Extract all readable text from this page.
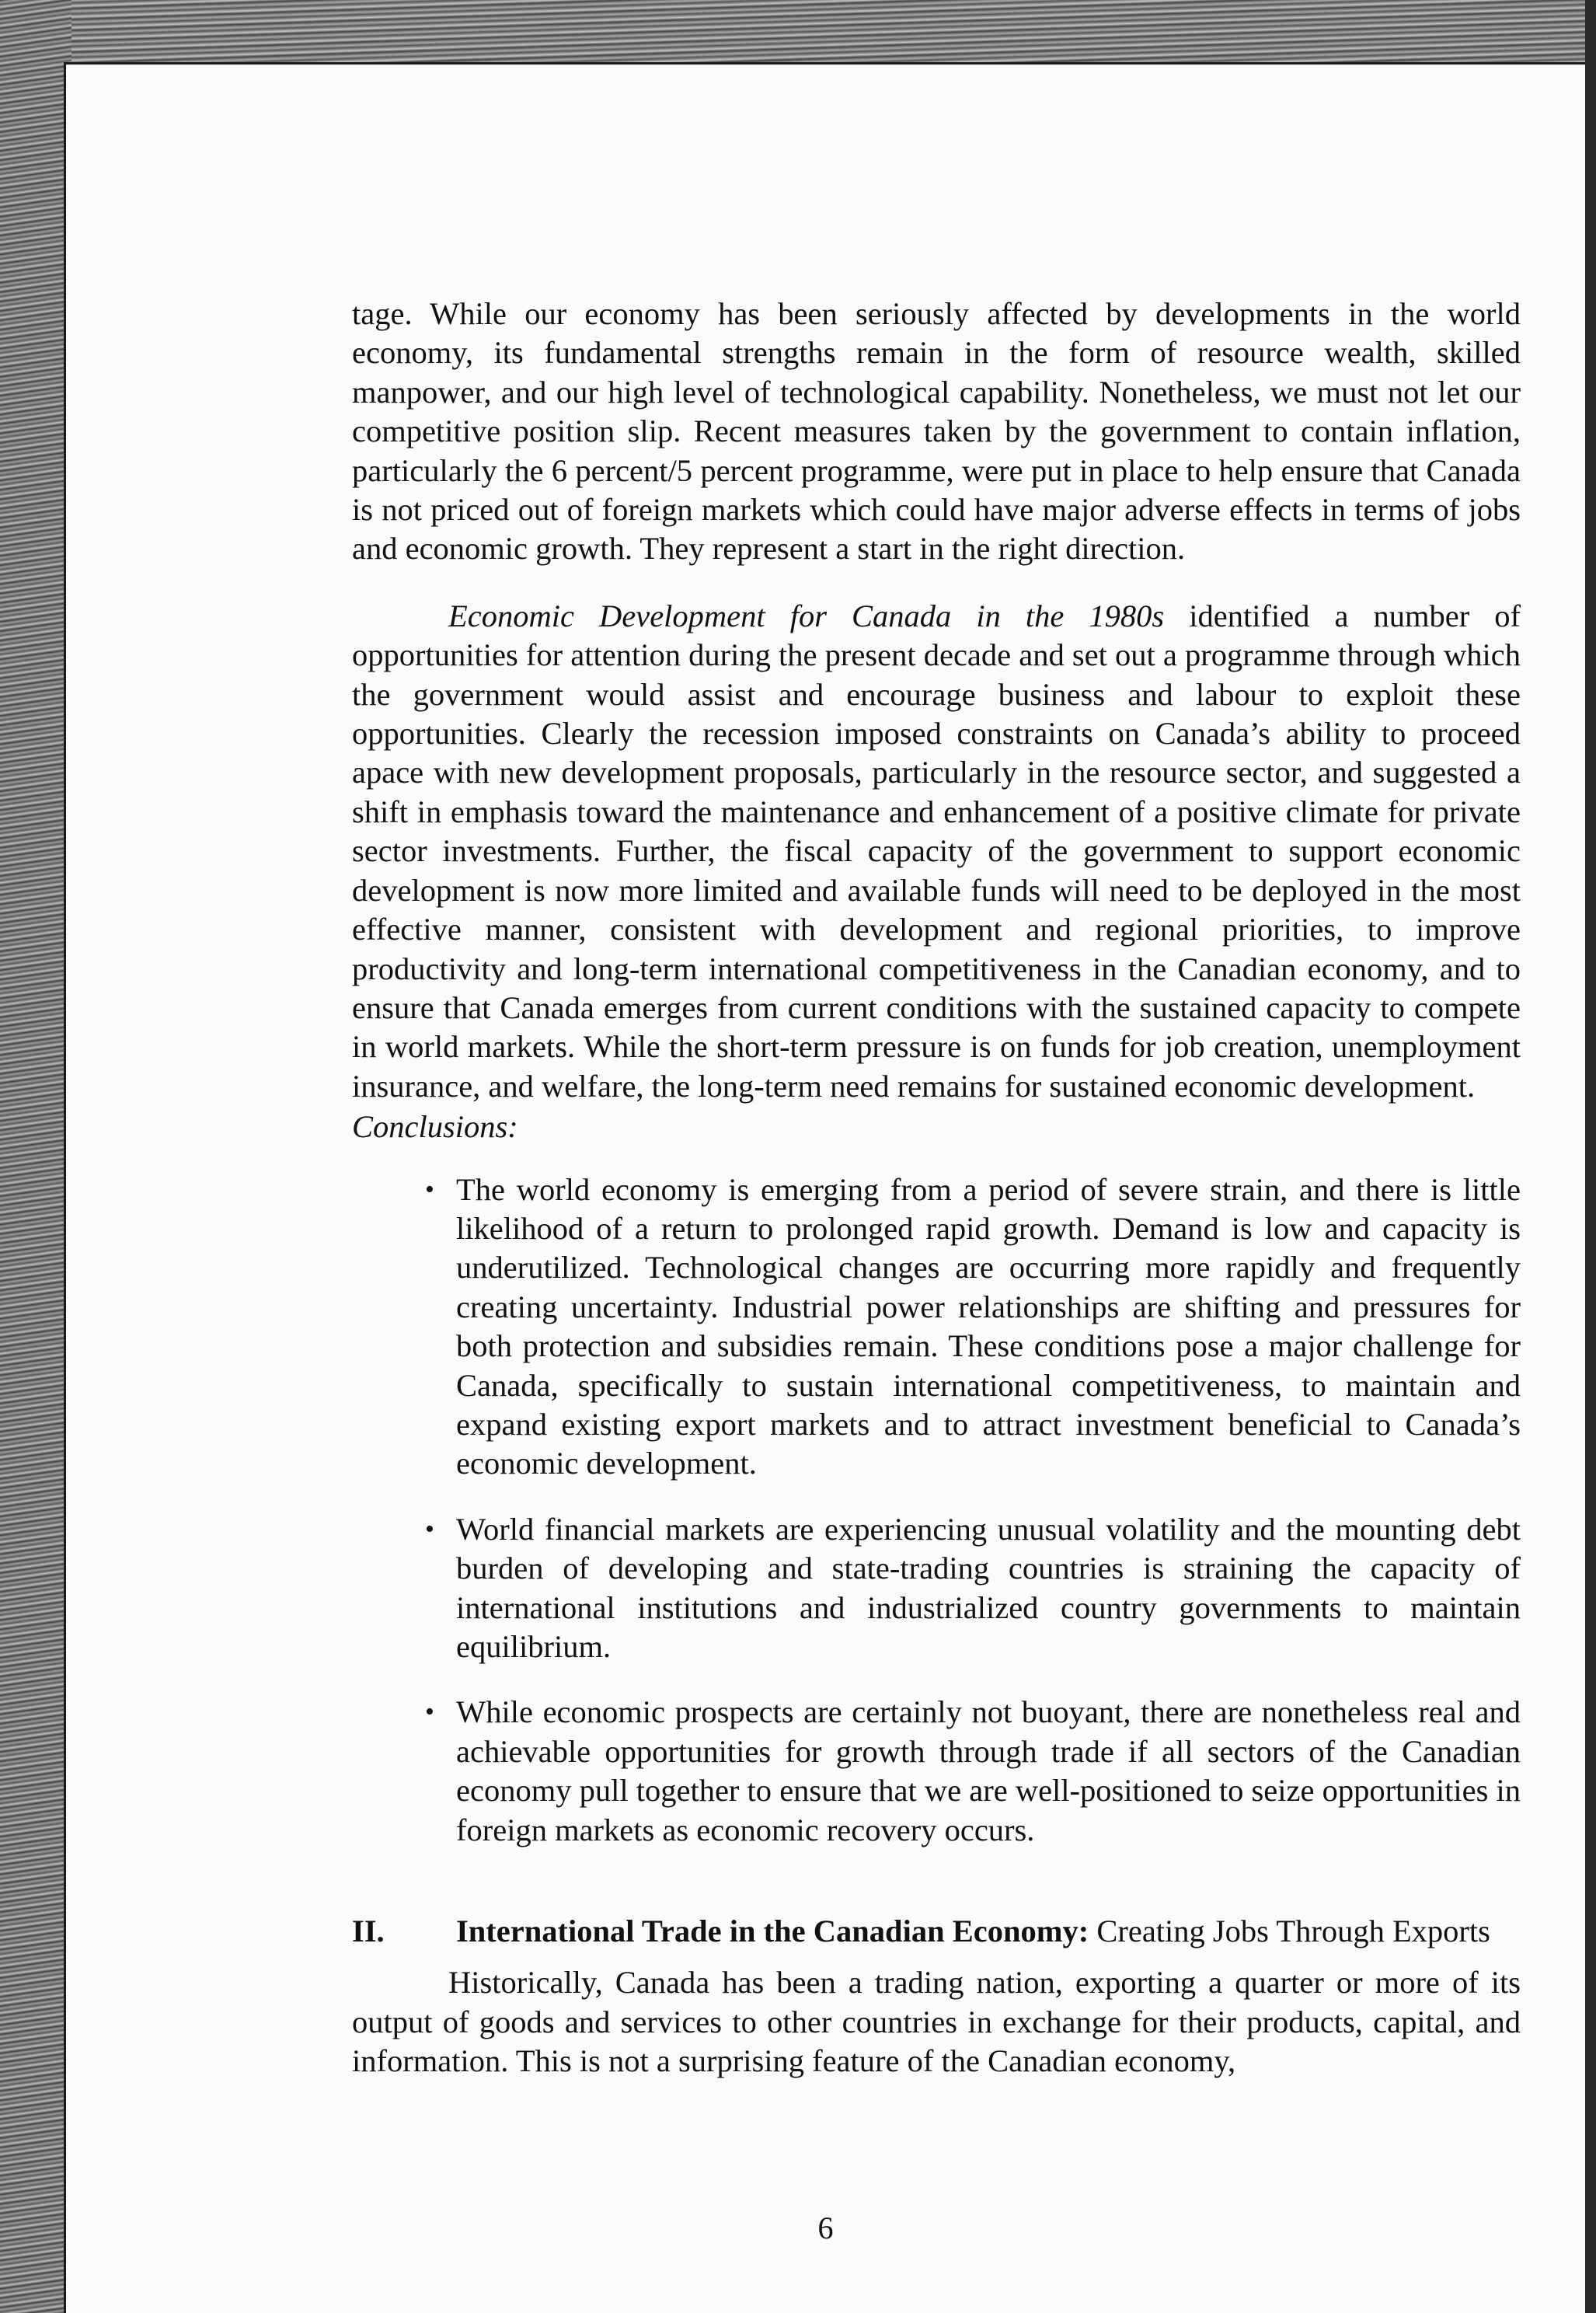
tage. While our economy has been seriously affected by developments in the world economy, its fundamental strengths remain in the form of resource wealth, skilled manpower, and our high level of technological capability. Nonetheless, we must not let our competitive position slip. Recent measures taken by the government to contain inflation, particularly the 6 percent/5 percent programme, were put in place to help ensure that Canada is not priced out of foreign markets which could have major adverse effects in terms of jobs and economic growth. They represent a start in the right direction.

Economic Development for Canada in the 1980s identified a number of opportunities for attention during the present decade and set out a programme through which the government would assist and encourage business and labour to exploit these opportunities. Clearly the recession imposed constraints on Canada’s ability to proceed apace with new development proposals, particularly in the resource sector, and suggested a shift in emphasis toward the maintenance and enhancement of a positive climate for private sector investments. Further, the fiscal capacity of the government to support economic development is now more limited and available funds will need to be deployed in the most effective manner, consistent with development and regional priorities, to improve productivity and long-term international competitiveness in the Canadian economy, and to ensure that Canada emerges from current conditions with the sustained capacity to compete in world markets. While the short-term pressure is on funds for job creation, unemployment insurance, and welfare, the long-term need remains for sustained economic development.

Conclusions:

• The world economy is emerging from a period of severe strain, and there is little likelihood of a return to prolonged rapid growth. Demand is low and capacity is underutilized. Technological changes are occurring more rapidly and frequently creating uncertainty. Industrial power relationships are shifting and pressures for both protection and subsidies remain. These conditions pose a major challenge for Canada, specifically to sustain international competitiveness, to maintain and expand existing export markets and to attract investment beneficial to Canada’s economic development.
• World financial markets are experiencing unusual volatility and the mounting debt burden of developing and state-trading countries is straining the capacity of international institutions and industrialized country governments to maintain equilibrium.
• While economic prospects are certainly not buoyant, there are nonetheless real and achievable opportunities for growth through trade if all sectors of the Canadian economy pull together to ensure that we are well-positioned to seize opportunities in foreign markets as economic recovery occurs.
II. International Trade in the Canadian Economy: Creating Jobs Through Exports

Historically, Canada has been a trading nation, exporting a quarter or more of its output of goods and services to other countries in exchange for their products, capital, and information. This is not a surprising feature of the Canadian economy,

6
